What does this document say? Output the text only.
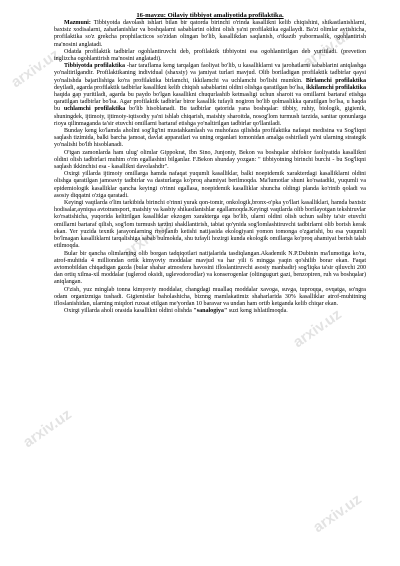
arxiv.uz	arxiv.uz
arxiv.uz
arxiv.uz
arxiv.uz
arxiv.uz
16-mavzu: Oilaviy tibbiyot amaliyotida profilaktika.

Mazmuni: Tibbiyotda davolash ishlari bilan bir qatorda birinchi o'rinda kasallikni kelib chiqishini, shikastlanishlarni, baxtsiz xodisalarni, zaharlanishlar va boshqalarni sabablarini oldini olish ya'ni profilaktika egallaydi. Ba'zi olimlar aytishicha, profilaktika so'z grekcha prophilacticos so'zidan olingan bo'lib, kasallikdan saqlanish, o'tkazib yubormaslik, ogohlantirish ma'nosini anglatadi.

Odatda profilaktik tadbirlar ogohlantiruvchi deb, profilaktik tibbiyotni esa ogohlantirilgan deb yuritiladi. (prevetion inglizcha ogohlantirish ma'nosini anglatadi).

Tibbiyotda profilaktika -har taraflama keng tarqalgan faoliyat bo'lib, u kasalliklarni va jarohatlarni sabablarini aniqlashga yo'naltirilgandir. Profilaktikaning individual (shaxsiy) va jamiyat turlari mavjud. Olib boriladigan profilaktik tadbirlar qaysi yo'nalishda bajarilishiga ko'ra profilaktika birlamchi, ikkilamchi va uchlamchi bo'lishi mumkin. Birlamchi profilaktika deyiladi, agarda profilaktik tadbirlar kasallikni kelib chiqish sabablarini oldini olishga qaratilgan bo'lsa, ikkilamchi profilaktika haqida gap yuritiladi, agarda bu paydo bo'lgan kasallikni chuqurlashib ketmasligi uchun sharoit va omillarni bartaraf etishga qaratilgan tadbirlar bo'lsa. Agar profilaktik tadbirlar biror kasallik tufayli nogiron bo'lib qolmaslikka qaratilgan bo'lsa, u haqda bu uchlamchi profilaktika bo'lib hisoblanadi. Bu tadbirlar qatorida yana boshqalar: tibbiy, ruhiy, biologik, gigienik, shuningdek, ijtimoiy, ijtimoiy-iqtisodiy ya'ni ishlab chiqarish, maishiy sharoitda, nosog'lom turmush tarzida, sanitar qonunlarga rioya qilinmaganda ta'sir etuvchi omillarni bartaraf etishga yo'naltirilgan tadbirlar qo'llaniladi.

Bunday keng ko'lamda aholini sog'lig'ini mustahkamlash va muhofaza qilishda profilaktika nafaqat medisina va Sog'liqni saqlash tizimida, balki barcha jamoat, davlat apparatlari va uning organlari tomonidan amalga oshiriladi ya'ni ularning strategik yo'nalishi bo'lib hisoblanadi.

O'tgan zamonlarda ham ulug' olimlar Gippokrat, Ibn Sino, Junjoniy, Bekon va boshqalar shifokor faoliyatida kasallikni oldini olish tadbirlari muhim o'rin egallashini bilganlar. F.Bekon shunday yozgan: " tibbiyotning birinchi burchi - bu Sog'liqni saqlash ikkinchisi esa - kasallikni davolashdir".

Oxirgi yillarda ijtimoiy omillarga hamda nafaqat yuqumli kasalliklar, balki noepidemik xarakterdagi kasalliklarni oldini olishga qaratilgan jamoaviy tadbirlar va dasturlarga ko'proq ahamiyat berilmoqda. Ma'lumotlar shuni ko'rsatadiki, yuqumli va epidemiologik kasalliklar qancha keyingi o'rinni egallasa, noepidemik kasalliklar shuncha oldingi planda ko'rinib qoladi va asosiy diqqatni o'ziga qaratadi.

Keyingi vaqtlarda o'lim tarkibida birinchi o'rinni yurak qon-tomir, onkologik,bronx-o'pka yo'llari kasalliklari, hamda baxtsiz hodisalar,ayniqsa avtotransport, maishiy va kasbiy shikastlanishlar egallamoqda.Keyingi vaqtlarda olib borilayotgan tekshiruvlar ko'rsatishicha, yuqorida keltirilgan kasalliklar ekzogen xarakterga ega bo'lib, ularni oldini olish uchun salbiy ta'sir etuvchi omillarni bartaraf qilish, sog'lom turmush tarzini shakllantirish, tabiat qo'ynida sog'lomlashtiruvchi tadbirlarni olib borish kerak ekan. Yer yuzida texnik jarayonlarning rivojlanib ketishi natijasida ekologiyani yomon tomonga o'zgarishi, bu esa yuqumli bo'lmagan kasalliklarni tarqalishiga sabab bulmokda, shu tufayli hozirgi kunda ekologik omillarga ko'proq ahamiyat berish talab etilmoqda.

Bular bir qancha olimlarning olib borgan tadqiqotlari natijalarida tasdiqlangan.Akademik N.P.Dubinin ma'lumotiga ko'ra, atrof-muhitda 4 milliondan ortik kimyoviy moddalar mavjud va har yili 6 mingga yaqin qo'shilib borar ekan. Faqat avtomobildan chiqadigan gazda (bular shahar atmosfera havosini ifloslantiruvchi asosiy manbadir) sog'liqka ta'sir qiluvchi 200 dan ortiq xilma-xil moddalar (uglerod oksidi, uglevodorodlar) va konserogenlar (oltingugurt gazi, benzopiren, ruh va boshqalar) aniqlangan.

O'zish, yuz minglab tonna kimyoviy moddalar, changdagi muallaq moddalar xavoga, suvga, tuproqqa, ovqatga, so'ngra odam organizmiga tushadi. Gigienistlar baholashicha, biznng mamlakatimiz shaharlarida 30% kasalliklar atrof-muhitning ifloslanishidan, ularning miqdori ruxsat etilgan me'yordan 10 baravar va undan ham ortib ketganda kelib chiqar ekan.

Oxirgi yillarda aholi orasida kasallikni oldini olishda "sanalogiya" suzi keng ishlatilmoqda.
